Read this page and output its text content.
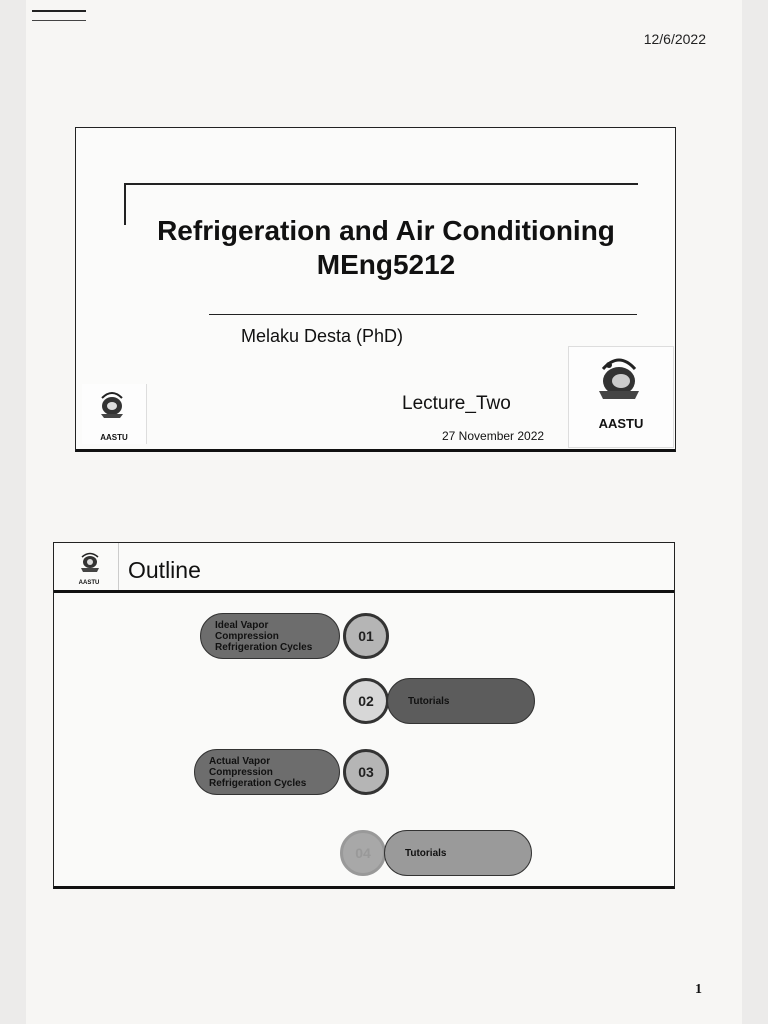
12/6/2022
Refrigeration and Air Conditioning
MEng5212
Melaku Desta (PhD)
Lecture_Two
27 November 2022
AASTU
AASTU
AASTU	Outline
Ideal Vapor Compression Refrigeration Cycles
01
02	Tutorials
Actual Vapor Compression Refrigeration Cycles
03
04	Tutorials
1
